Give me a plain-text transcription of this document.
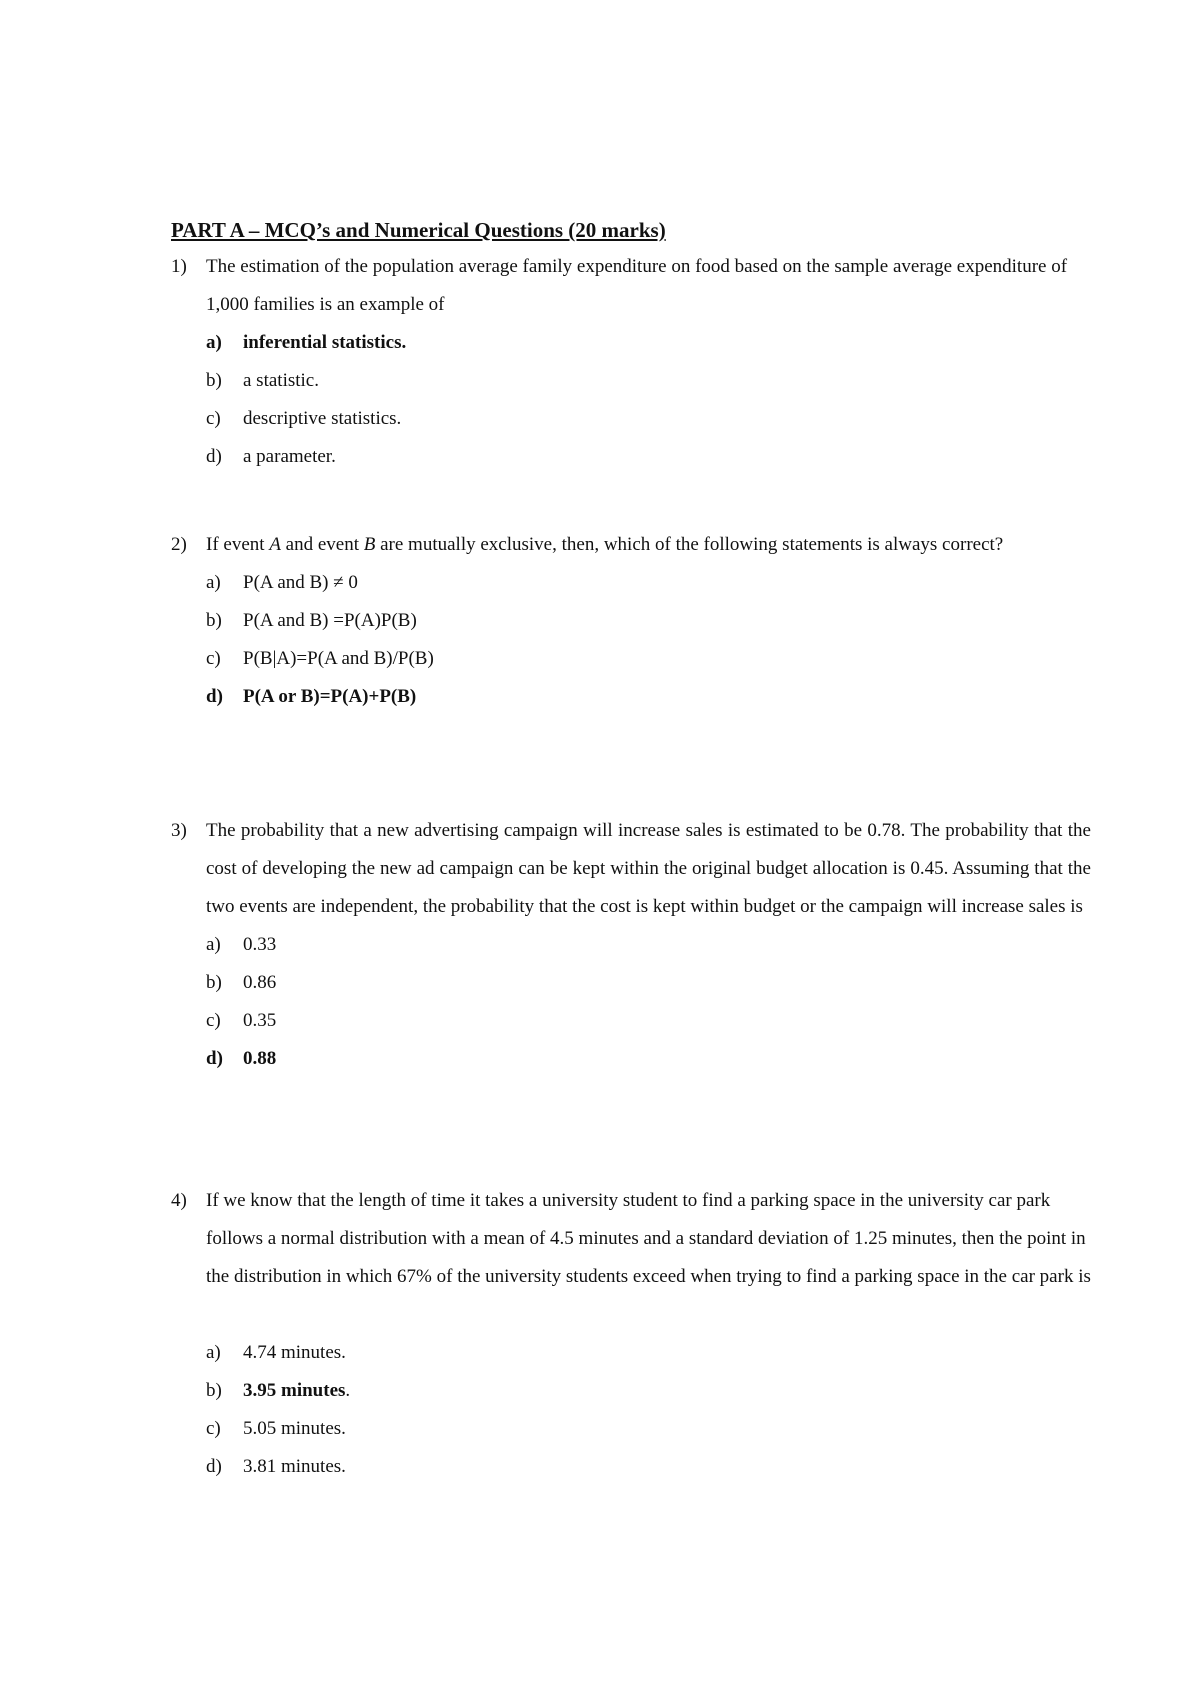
PART A – MCQ’s and Numerical Questions (20 marks)
1)	The estimation of the population average family expenditure on food based on the sample average expenditure of 1,000 families is an example of
a)	inferential statistics.
b)	a statistic.
c)	descriptive statistics.
d)	a parameter.
2)	If event A and event B are mutually exclusive, then, which of the following statements is always correct?
a)	P(A and B) ≠ 0
b)	P(A and B) =P(A)P(B)
c)	P(B|A)=P(A and B)/P(B)
d)	P(A or B)=P(A)+P(B)
3)	The probability that a new advertising campaign will increase sales is estimated to be 0.78. The probability that the cost of developing the new ad campaign can be kept within the original budget allocation is 0.45. Assuming that the two events are independent, the probability that the cost is kept within budget or the campaign will increase sales is
a)	0.33
b)	0.86
c)	0.35
d)	0.88
4)	If we know that the length of time it takes a university student to find a parking space in the university car park follows a normal distribution with a mean of 4.5 minutes and a standard deviation of 1.25 minutes, then the point in the distribution in which 67% of the university students exceed when trying to find a parking space in the car park is
a)	4.74 minutes.
b)	3.95 minutes.
c)	5.05 minutes.
d)	3.81 minutes.
